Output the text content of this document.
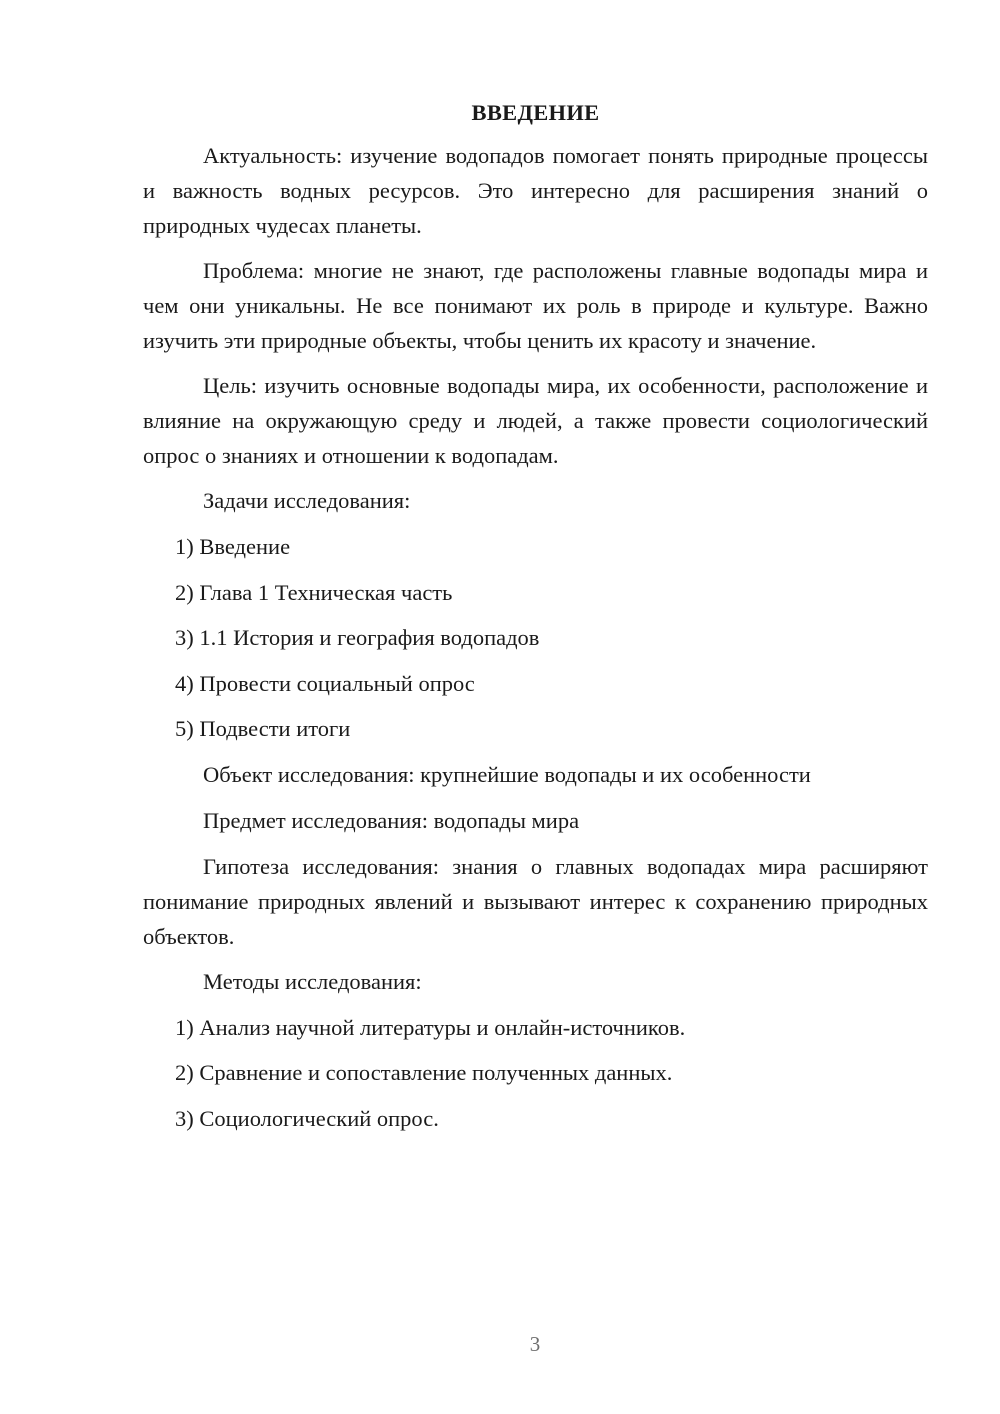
ВВЕДЕНИЕ

Актуальность: изучение водопадов помогает понять природные процессы и важность водных ресурсов. Это интересно для расширения знаний о природных чудесах планеты.

Проблема: многие не знают, где расположены главные водопады мира и чем они уникальны. Не все понимают их роль в природе и культуре. Важно изучить эти природные объекты, чтобы ценить их красоту и значение.

Цель: изучить основные водопады мира, их особенности, расположение и влияние на окружающую среду и людей, а также провести социологический опрос о знаниях и отношении к водопадам.

Задачи исследования:

1) Введение
2) Глава 1 Техническая часть
3) 1.1 История и география водопадов
4) Провести социальный опрос
5) Подвести итоги

Объект исследования: крупнейшие водопады и их особенности

Предмет исследования: водопады мира

Гипотеза исследования: знания о главных водопадах мира расширяют понимание природных явлений и вызывают интерес к сохранению природных объектов.

Методы исследования:

1) Анализ научной литературы и онлайн-источников.
2) Сравнение и сопоставление полученных данных.
3) Социологический опрос.
3
